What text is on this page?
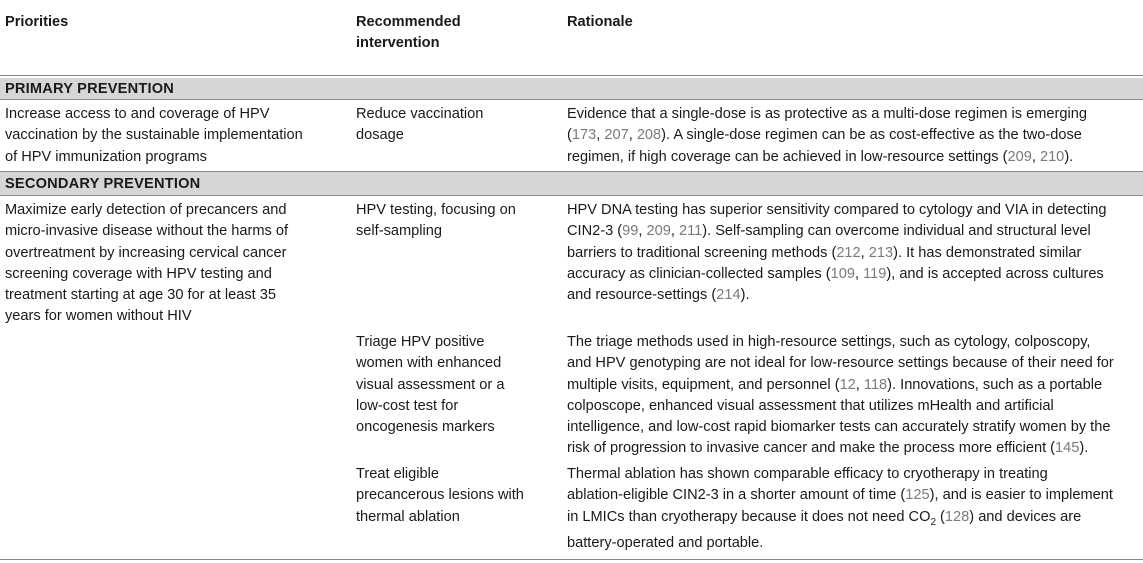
Priorities	Recommended
intervention
Rationale
PRIMARY PREVENTION
Increase access to and coverage of HPV
vaccination by the sustainable implementation
of HPV immunization programs
Reduce vaccination
dosage
Evidence that a single-dose is as protective as a multi-dose regimen is emerging
(173, 207, 208). A single-dose regimen can be as cost-effective as the two-dose
regimen, if high coverage can be achieved in low-resource settings (209, 210).
SECONDARY PREVENTION
Maximize early detection of precancers and
micro-invasive disease without the harms of
overtreatment by increasing cervical cancer
screening coverage with HPV testing and
treatment starting at age 30 for at least 35
years for women without HIV
HPV testing, focusing on
self-sampling
HPV DNA testing has superior sensitivity compared to cytology and VIA in detecting
CIN2-3 (99, 209, 211). Self-sampling can overcome individual and structural level
barriers to traditional screening methods (212, 213). It has demonstrated similar
accuracy as clinician-collected samples (109, 119), and is accepted across cultures
and resource-settings (214).
Triage HPV positive
women with enhanced
visual assessment or a
low-cost test for
oncogenesis markers
The triage methods used in high-resource settings, such as cytology, colposcopy,
and HPV genotyping are not ideal for low-resource settings because of their need for
multiple visits, equipment, and personnel (12, 118). Innovations, such as a portable
colposcope, enhanced visual assessment that utilizes mHealth and artificial
intelligence, and low-cost rapid biomarker tests can accurately stratify women by the
risk of progression to invasive cancer and make the process more efficient (145).
Treat eligible
precancerous lesions with
thermal ablation
Thermal ablation has shown comparable efficacy to cryotherapy in treating
ablation-eligible CIN2-3 in a shorter amount of time (125), and is easier to implement
in LMICs than cryotherapy because it does not need $CO_2$ (128) and devices are
battery-operated and portable.
